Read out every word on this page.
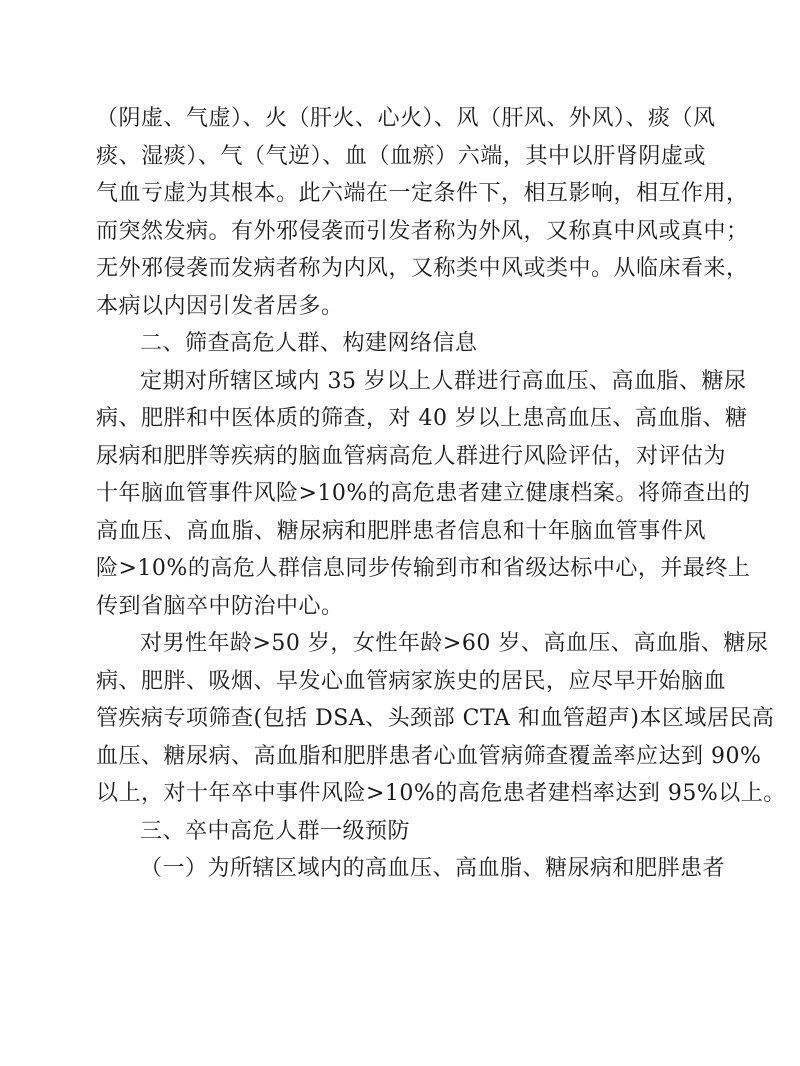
（阴虚、气虚）、火（肝火、心火）、风（肝风、外风）、痰（风
痰、湿痰）、气（气逆）、血（血瘀）六端，其中以肝肾阴虚或
气血亏虚为其根本。此六端在一定条件下，相互影响，相互作用，
而突然发病。有外邪侵袭而引发者称为外风，又称真中风或真中；
无外邪侵袭而发病者称为内风，又称类中风或类中。从临床看来，
本病以内因引发者居多。
二、筛查高危人群、构建网络信息
定期对所辖区域内 35 岁以上人群进行高血压、高血脂、糖尿
病、肥胖和中医体质的筛查，对 40 岁以上患高血压、高血脂、糖
尿病和肥胖等疾病的脑血管病高危人群进行风险评估，对评估为
十年脑血管事件风险>10%的高危患者建立健康档案。将筛查出的
高血压、高血脂、糖尿病和肥胖患者信息和十年脑血管事件风
险>10%的高危人群信息同步传输到市和省级达标中心，并最终上
传到省脑卒中防治中心。
对男性年龄>50 岁，女性年龄>60 岁、高血压、高血脂、糖尿
病、肥胖、吸烟、早发心血管病家族史的居民，应尽早开始脑血
管疾病专项筛查(包括 DSA、头颈部 CTA 和血管超声)本区域居民高
血压、糖尿病、高血脂和肥胖患者心血管病筛查覆盖率应达到 90%
以上，对十年卒中事件风险>10%的高危患者建档率达到 95%以上。
三、卒中高危人群一级预防
（一）为所辖区域内的高血压、高血脂、糖尿病和肥胖患者
